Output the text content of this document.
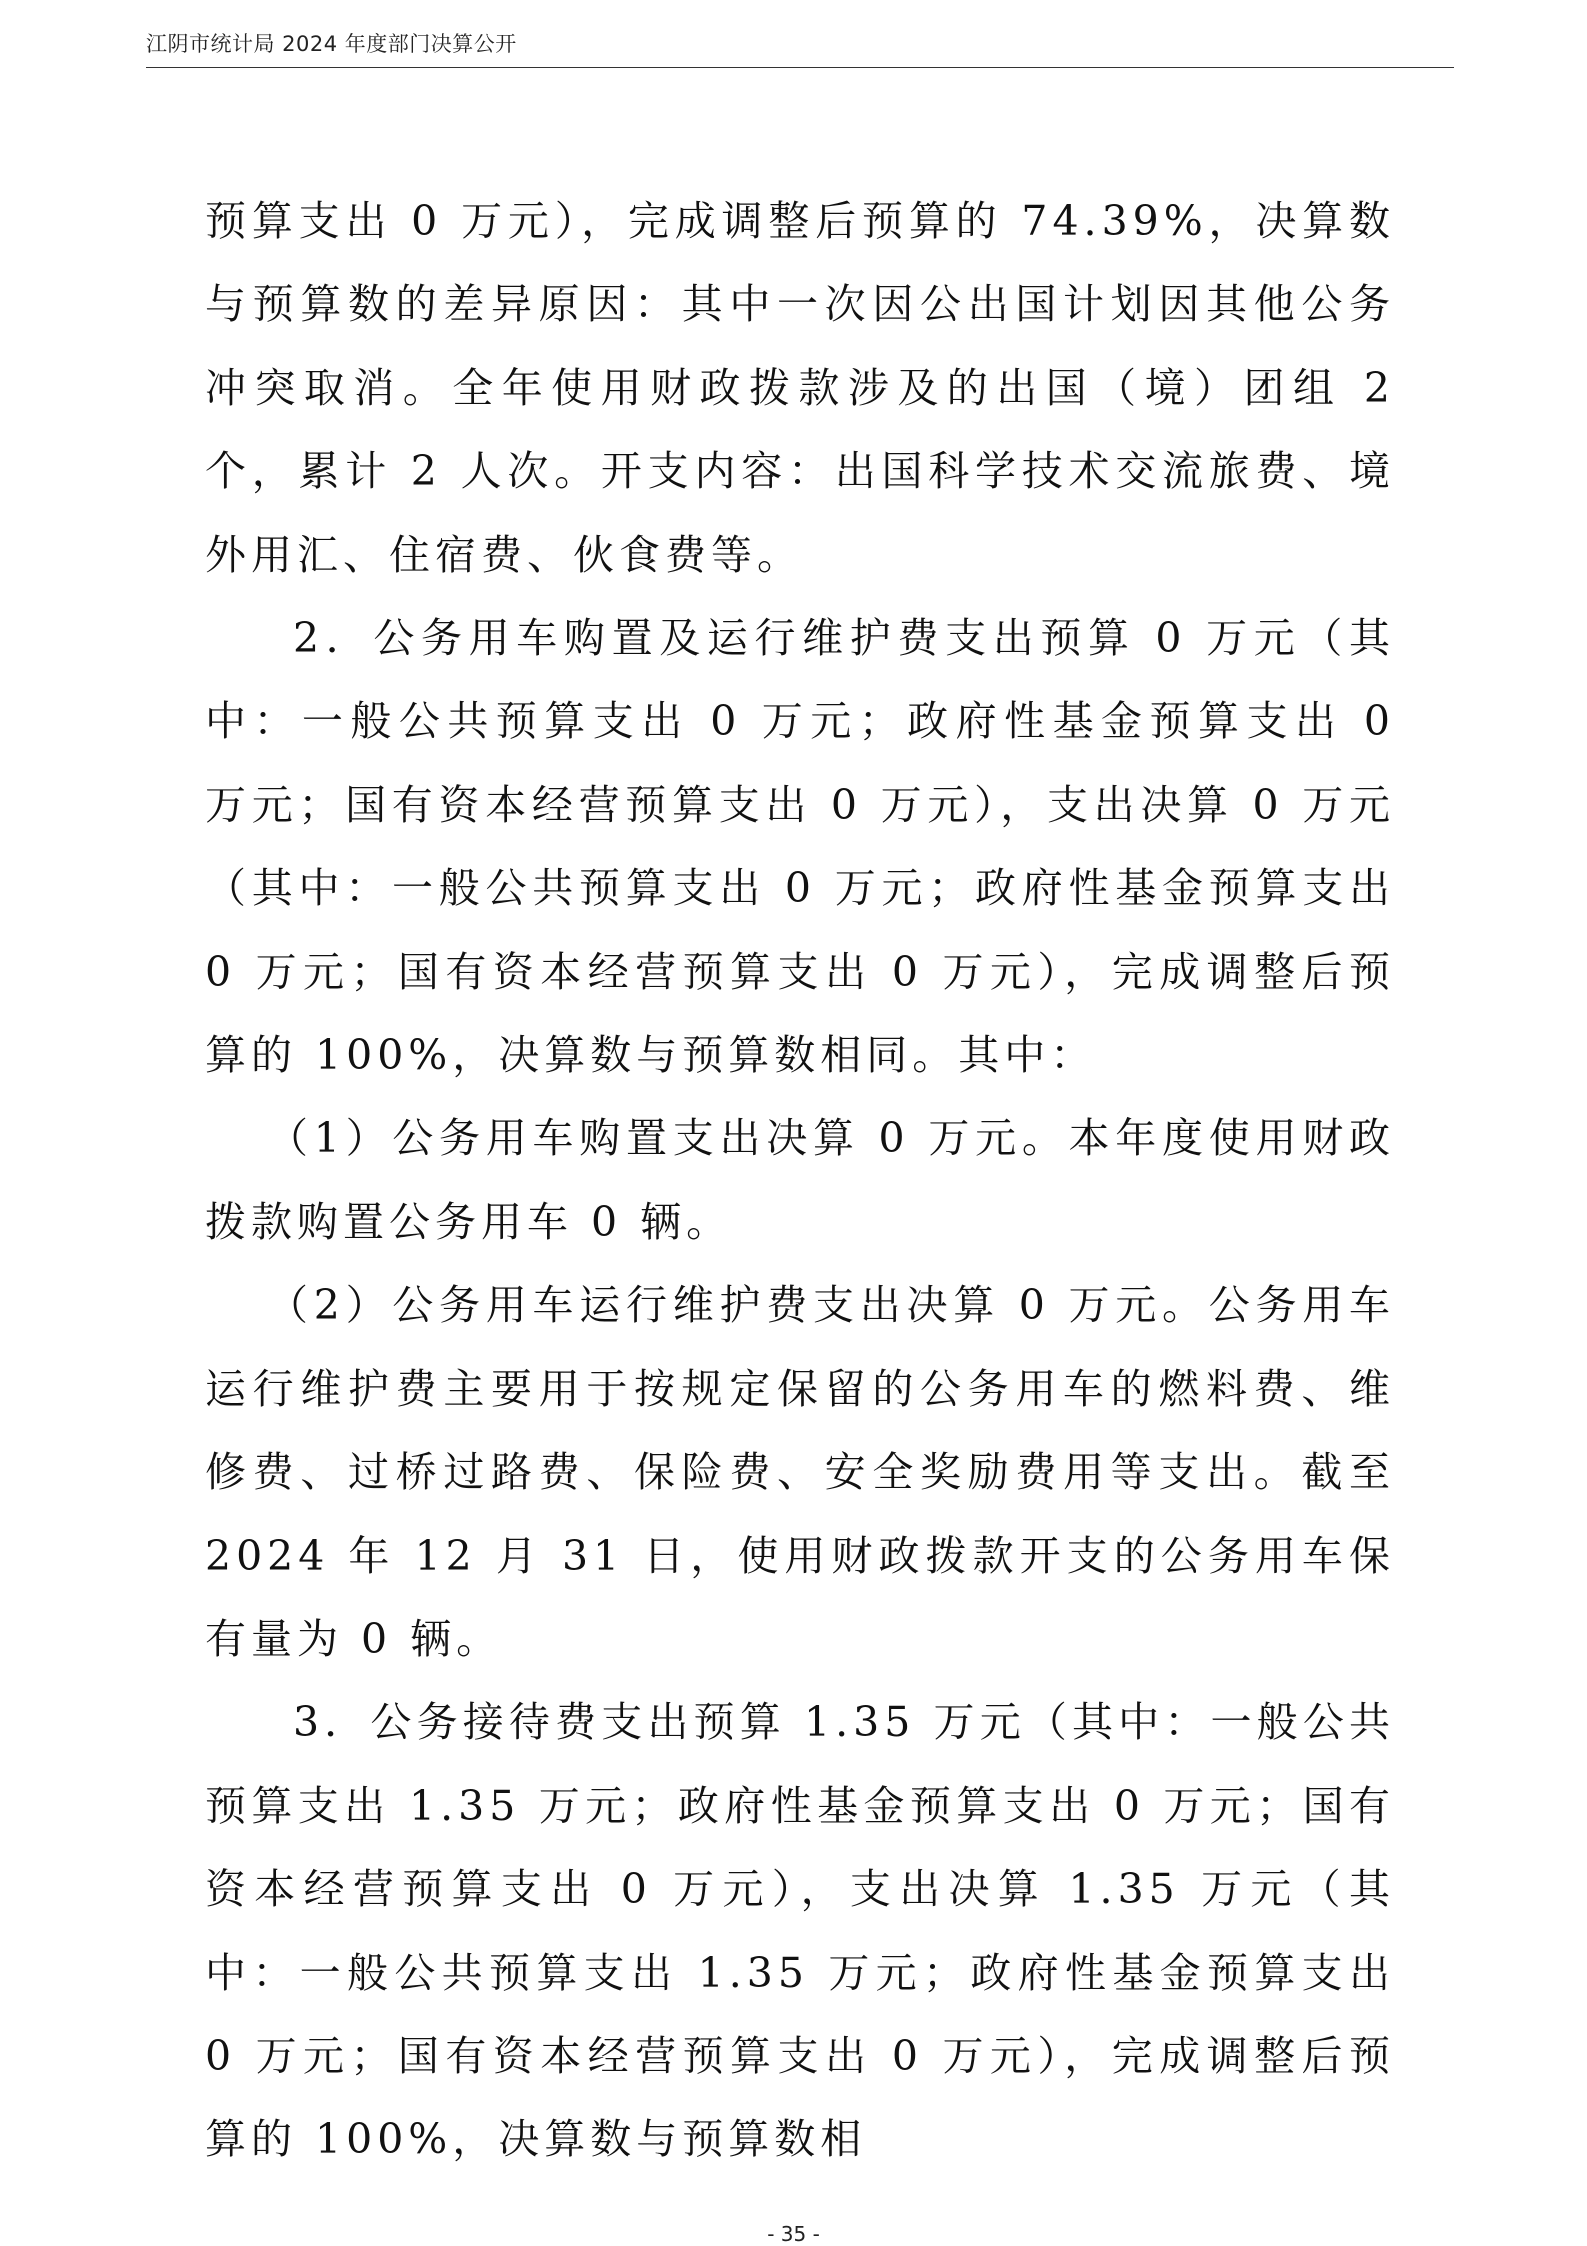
江阴市统计局 2024 年度部门决算公开

预算支出 0 万元），完成调整后预算的 74.39%，决算数与预算数的差异原因：其中一次因公出国计划因其他公务冲突取消。全年使用财政拨款涉及的出国（境）团组 2 个，累计 2 人次。开支内容：出国科学技术交流旅费、境外用汇、住宿费、伙食费等。

2．公务用车购置及运行维护费支出预算 0 万元（其中：一般公共预算支出 0 万元；政府性基金预算支出 0 万元；国有资本经营预算支出 0 万元），支出决算 0 万元（其中：一般公共预算支出 0 万元；政府性基金预算支出 0 万元；国有资本经营预算支出 0 万元），完成调整后预算的 100%，决算数与预算数相同。其中：

（1）公务用车购置支出决算 0 万元。本年度使用财政拨款购置公务用车 0 辆。

（2）公务用车运行维护费支出决算 0 万元。公务用车运行维护费主要用于按规定保留的公务用车的燃料费、维修费、过桥过路费、保险费、安全奖励费用等支出。截至 2024 年 12 月 31 日，使用财政拨款开支的公务用车保有量为 0 辆。

3．公务接待费支出预算 1.35 万元（其中：一般公共预算支出 1.35 万元；政府性基金预算支出 0 万元；国有资本经营预算支出 0 万元），支出决算 1.35 万元（其中：一般公共预算支出 1.35 万元；政府性基金预算支出 0 万元；国有资本经营预算支出 0 万元），完成调整后预算的 100%，决算数与预算数相

- 35 -
